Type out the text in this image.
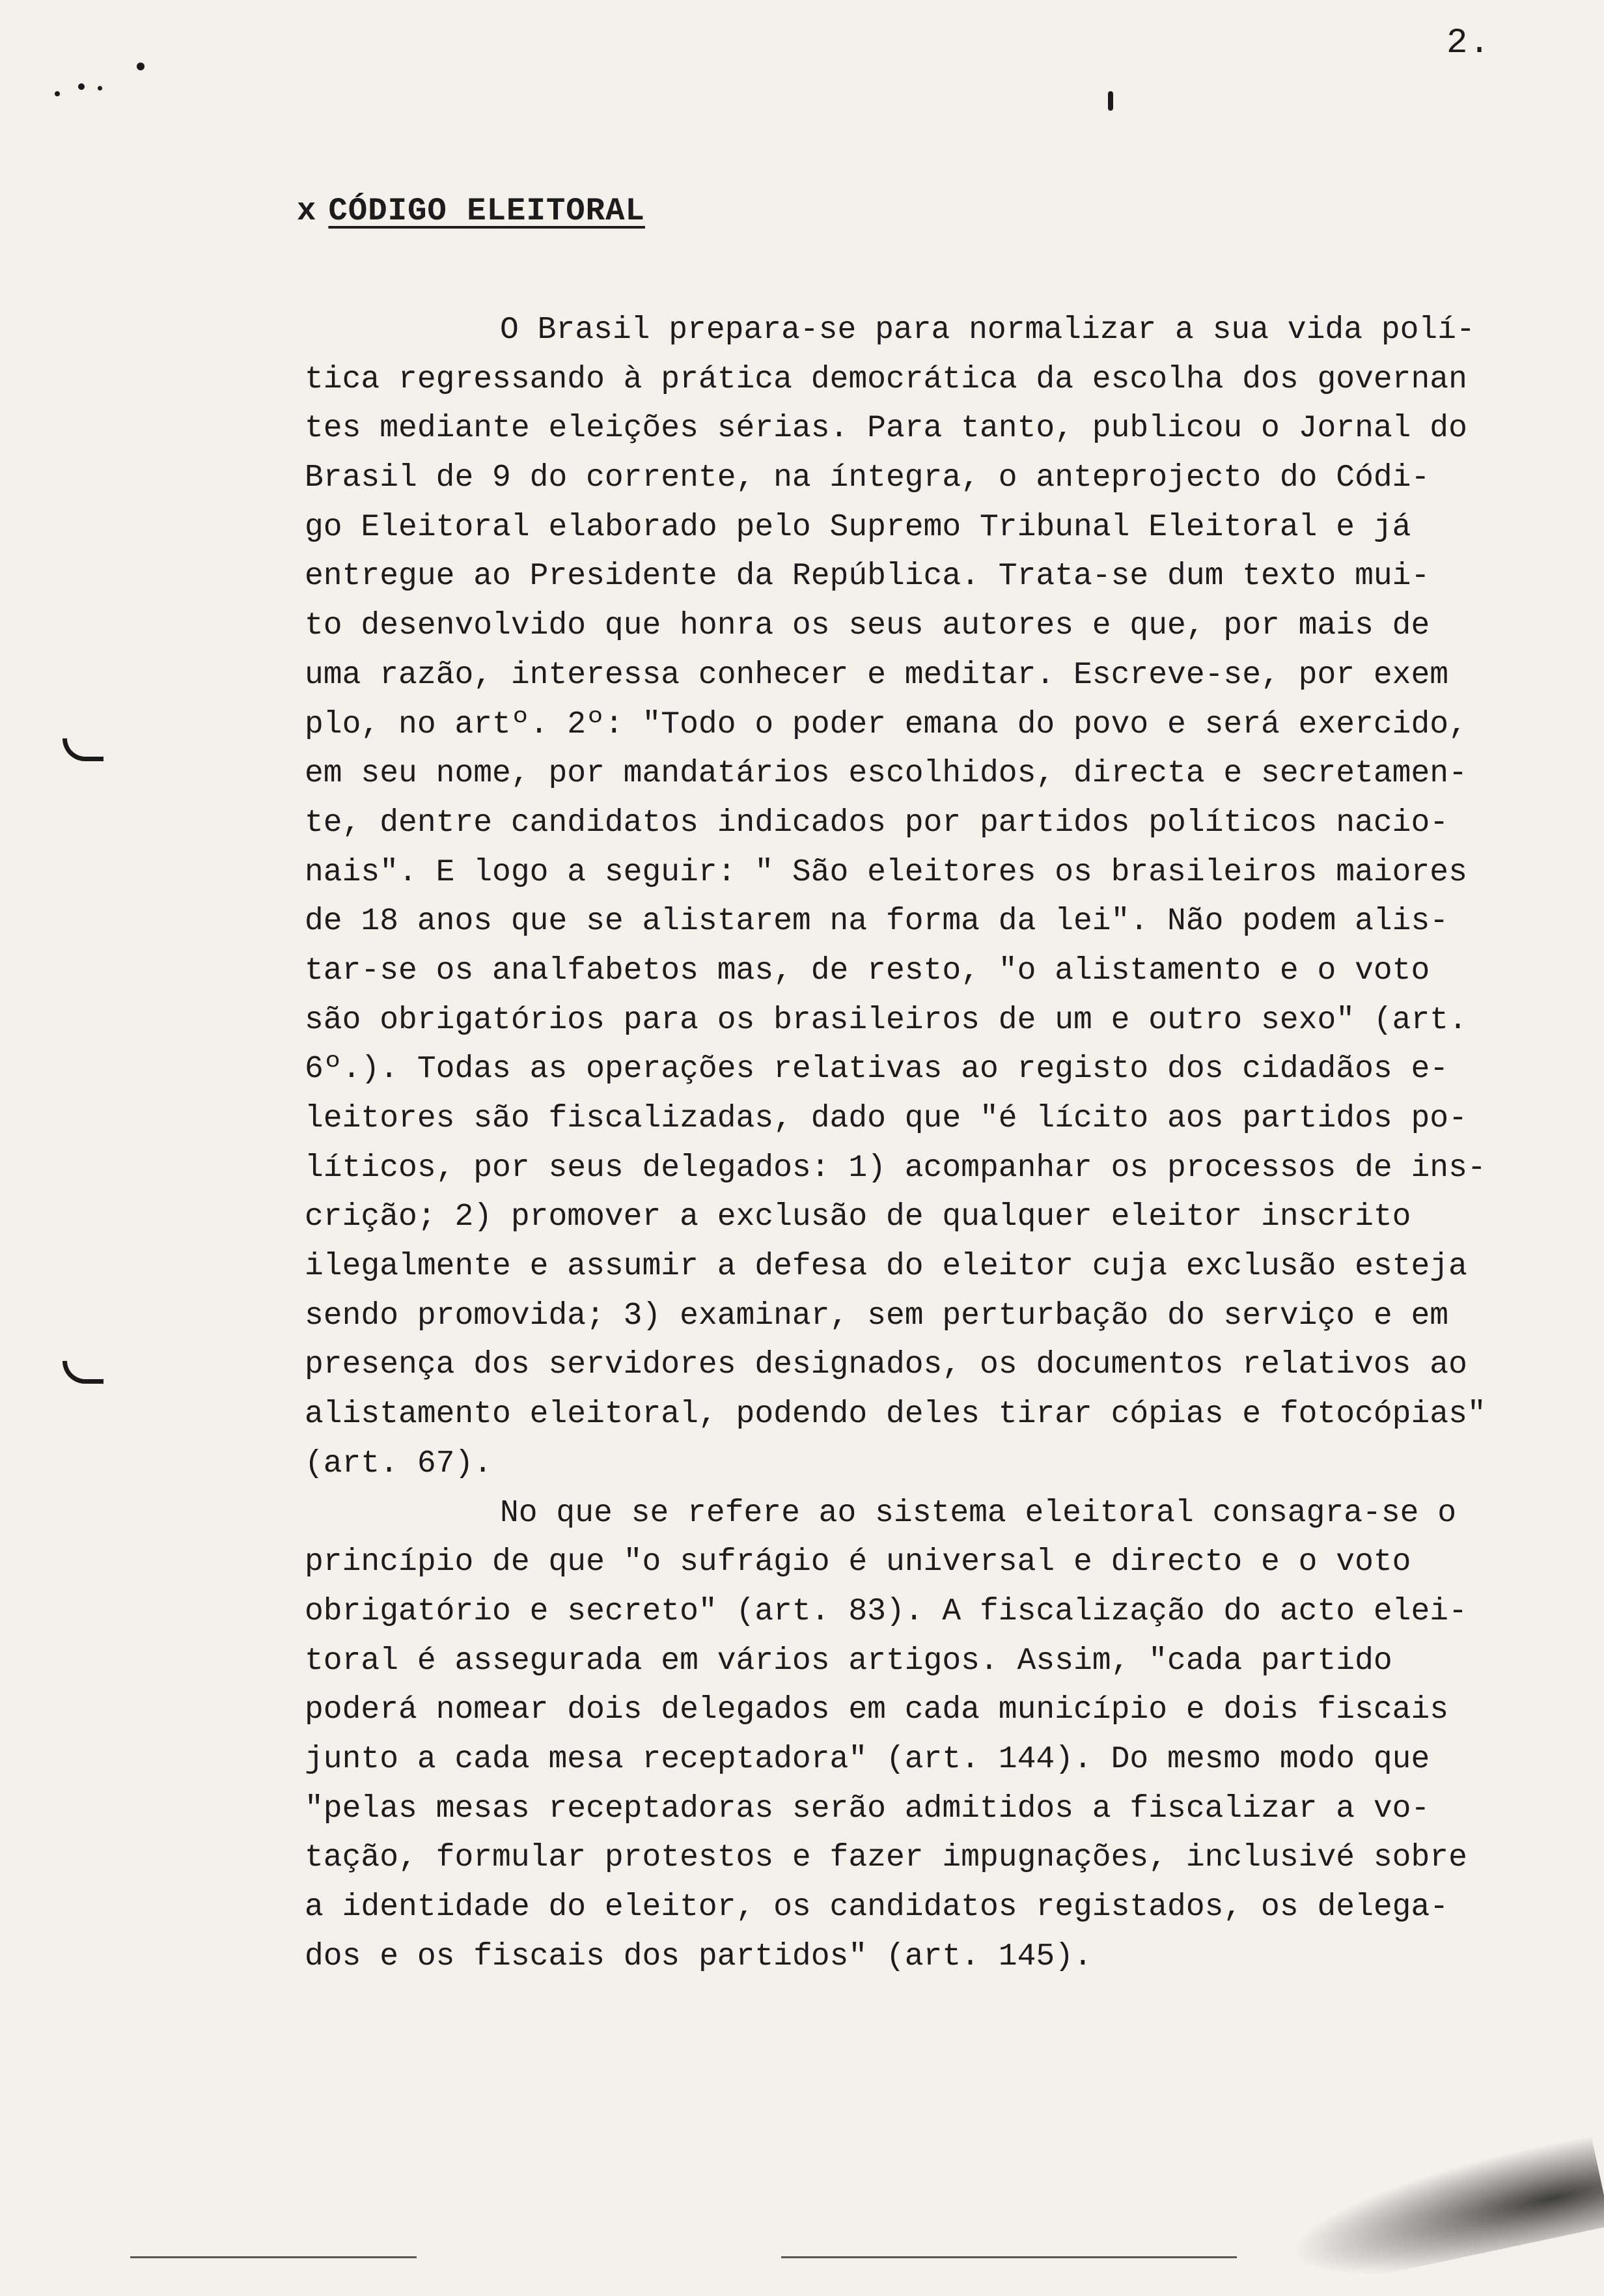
2.
x CÓDIGO ELEITORAL
O Brasil prepara-se para normalizar a sua vida polí-
tica regressando à prática democrática da escolha dos governan
tes mediante eleições sérias. Para tanto, publicou o Jornal do
Brasil de 9 do corrente, na íntegra, o anteprojecto do Códi-
go Eleitoral elaborado pelo Supremo Tribunal Eleitoral e já
entregue ao Presidente da República. Trata-se dum texto mui-
to desenvolvido que honra os seus autores e que, por mais de
uma razão, interessa conhecer e meditar. Escreve-se, por exem
plo, no artº. 2º: "Todo o poder emana do povo e será exercido,
em seu nome, por mandatários escolhidos, directa e secretamen-
te, dentre candidatos indicados por partidos políticos nacio-
nais". E logo a seguir: " São eleitores os brasileiros maiores
de 18 anos que se alistarem na forma da lei". Não podem alis-
tar-se os analfabetos mas, de resto, "o alistamento e o voto
são obrigatórios para os brasileiros de um e outro sexo" (art.
6º.). Todas as operações relativas ao registo dos cidadãos e-
leitores são fiscalizadas, dado que "é lícito aos partidos po-
líticos, por seus delegados: 1) acompanhar os processos de ins-
crição; 2) promover a exclusão de qualquer eleitor inscrito
ilegalmente e assumir a defesa do eleitor cuja exclusão esteja
sendo promovida; 3) examinar, sem perturbação do serviço e em
presença dos servidores designados, os documentos relativos ao
alistamento eleitoral, podendo deles tirar cópias e fotocópias"
(art. 67).
No que se refere ao sistema eleitoral consagra-se o
princípio de que "o sufrágio é universal e directo e o voto
obrigatório e secreto" (art. 83). A fiscalização do acto elei-
toral é assegurada em vários artigos. Assim, "cada partido
poderá nomear dois delegados em cada município e dois fiscais
junto a cada mesa receptadora" (art. 144). Do mesmo modo que
"pelas mesas receptadoras serão admitidos a fiscalizar a vo-
tação, formular protestos e fazer impugnações, inclusivé sobre
a identidade do eleitor, os candidatos registados, os delega-
dos e os fiscais dos partidos" (art. 145).
